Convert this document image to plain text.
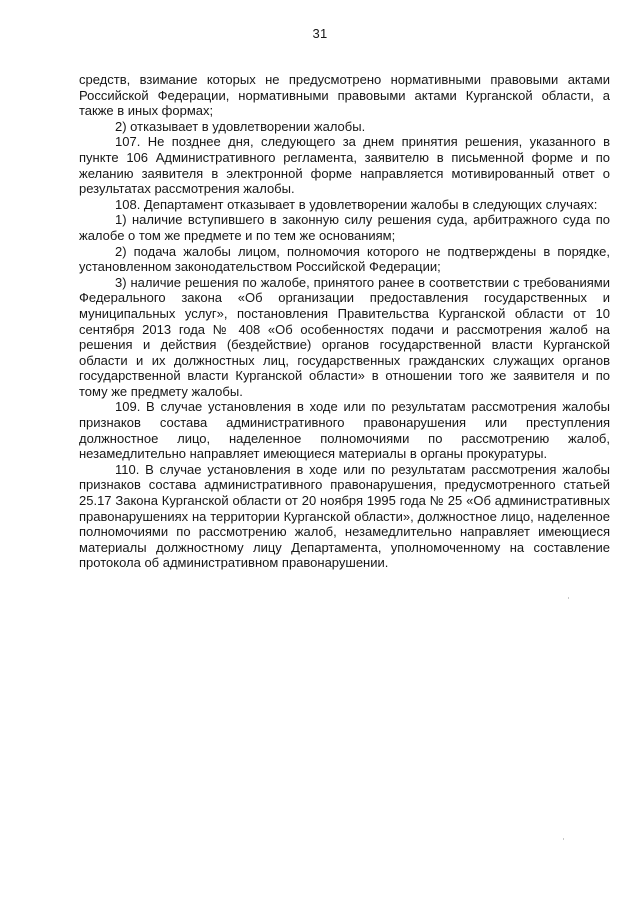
31

средств, взимание которых не предусмотрено нормативными правовыми актами Российской Федерации, нормативными правовыми актами Курганской области, а также в иных формах;

2) отказывает в удовлетворении жалобы.

107. Не позднее дня, следующего за днем принятия решения, указанного в пункте 106 Административного регламента, заявителю в письменной форме и по желанию заявителя в электронной форме направляется мотивированный ответ о результатах рассмотрения жалобы.

108. Департамент отказывает в удовлетворении жалобы в следующих случаях:

1) наличие вступившего в законную силу решения суда, арбитражного суда по жалобе о том же предмете и по тем же основаниям;

2) подача жалобы лицом, полномочия которого не подтверждены в порядке, установленном законодательством Российской Федерации;

3) наличие решения по жалобе, принятого ранее в соответствии с требованиями Федерального закона «Об организации предоставления государственных и муниципальных услуг», постановления Правительства Курганской области от 10 сентября 2013 года № 408 «Об особенностях подачи и рассмотрения жалоб на решения и действия (бездействие) органов государственной власти Курганской области и их должностных лиц, государственных гражданских служащих органов государственной власти Курганской области» в отношении того же заявителя и по тому же предмету жалобы.

109. В случае установления в ходе или по результатам рассмотрения жалобы признаков состава административного правонарушения или преступления должностное лицо, наделенное полномочиями по рассмотрению жалоб, незамедлительно направляет имеющиеся материалы в органы прокуратуры.

110. В случае установления в ходе или по результатам рассмотрения жалобы признаков состава административного правонарушения, предусмотренного статьей 25.17 Закона Курганской области от 20 ноября 1995 года № 25 «Об административных правонарушениях на территории Курганской области», должностное лицо, наделенное полномочиями по рассмотрению жалоб, незамедлительно направляет имеющиеся материалы должностному лицу Департамента, уполномоченному на составление протокола об административном правонарушении.
